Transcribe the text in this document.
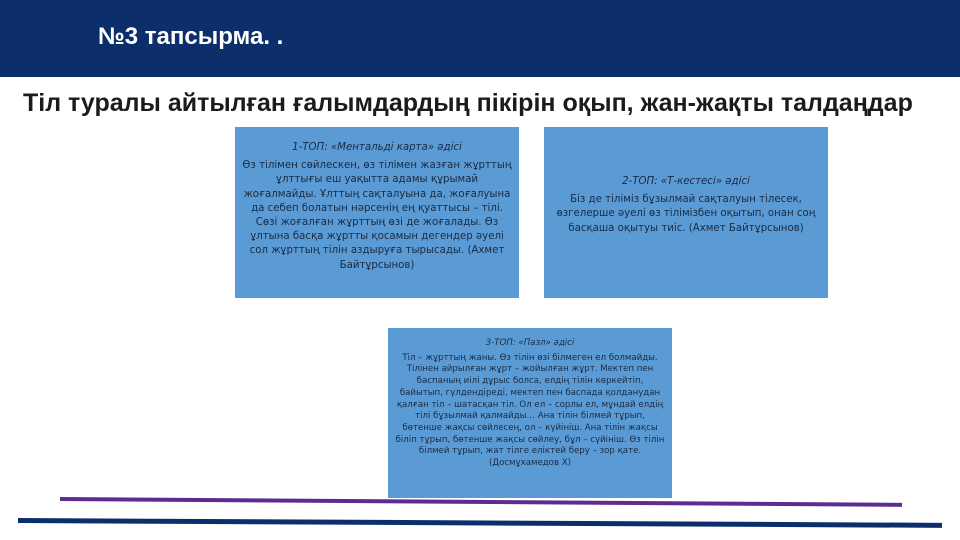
№3 тапсырма. .
Тіл туралы айтылған ғалымдардың пікірін оқып, жан-жақты талдаңдар
1-ТОП: «Ментальді карта» әдісі
Өз тілімен сөйлескен, өз тілімен жазған жұрттың ұлттығы еш уақытта адамы құрымай жоғалмайды. Ұлттың сақталуына да, жоғалуына да себеп болатын нәрсенің ең қуаттысы – тілі. Сөзі жоғалған жұрттың өзі де жоғалады. Өз ұлтына басқа жұртты қосамын дегендер әуелі сол жұрттың тілін аздыруға тырысады. (Ахмет Байтұрсынов)
2-ТОП: «Т-кестесі» әдісі
Біз де тіліміз бұзылмай сақталуын тілесек, өзгелерше әуелі өз тілімізбен оқытып, онан соң басқаша оқытуы тиіс. (Ахмет Байтұрсынов)
3-ТОП: «Пазл» әдісі
Тіл – жұрттың жаны. Өз тілін өзі білмеген ел болмайды. Тілінен айрылған жұрт – жойылған жұрт. Мектеп пен баспаның иілі дұрыс болса, елдің тілін көркейтіп, байытып, гүлдендіреді, мектеп пен баспада қолданудан қалған тіл – шатасқан тіл. Ол ел – сорлы ел, мұндай елдің тілі бұзылмай қалмайды… Ана тілін білмей тұрып, бөтенше жақсы сөйлесең, ол – күйініш. Ана тілін жақсы біліп тұрып, бөтенше жақсы сөйлеу, бұл – сүйініш. Өз тілін білмей тұрып, жат тілге еліктей беру – зор қате. (Досмұхамедов Х)
